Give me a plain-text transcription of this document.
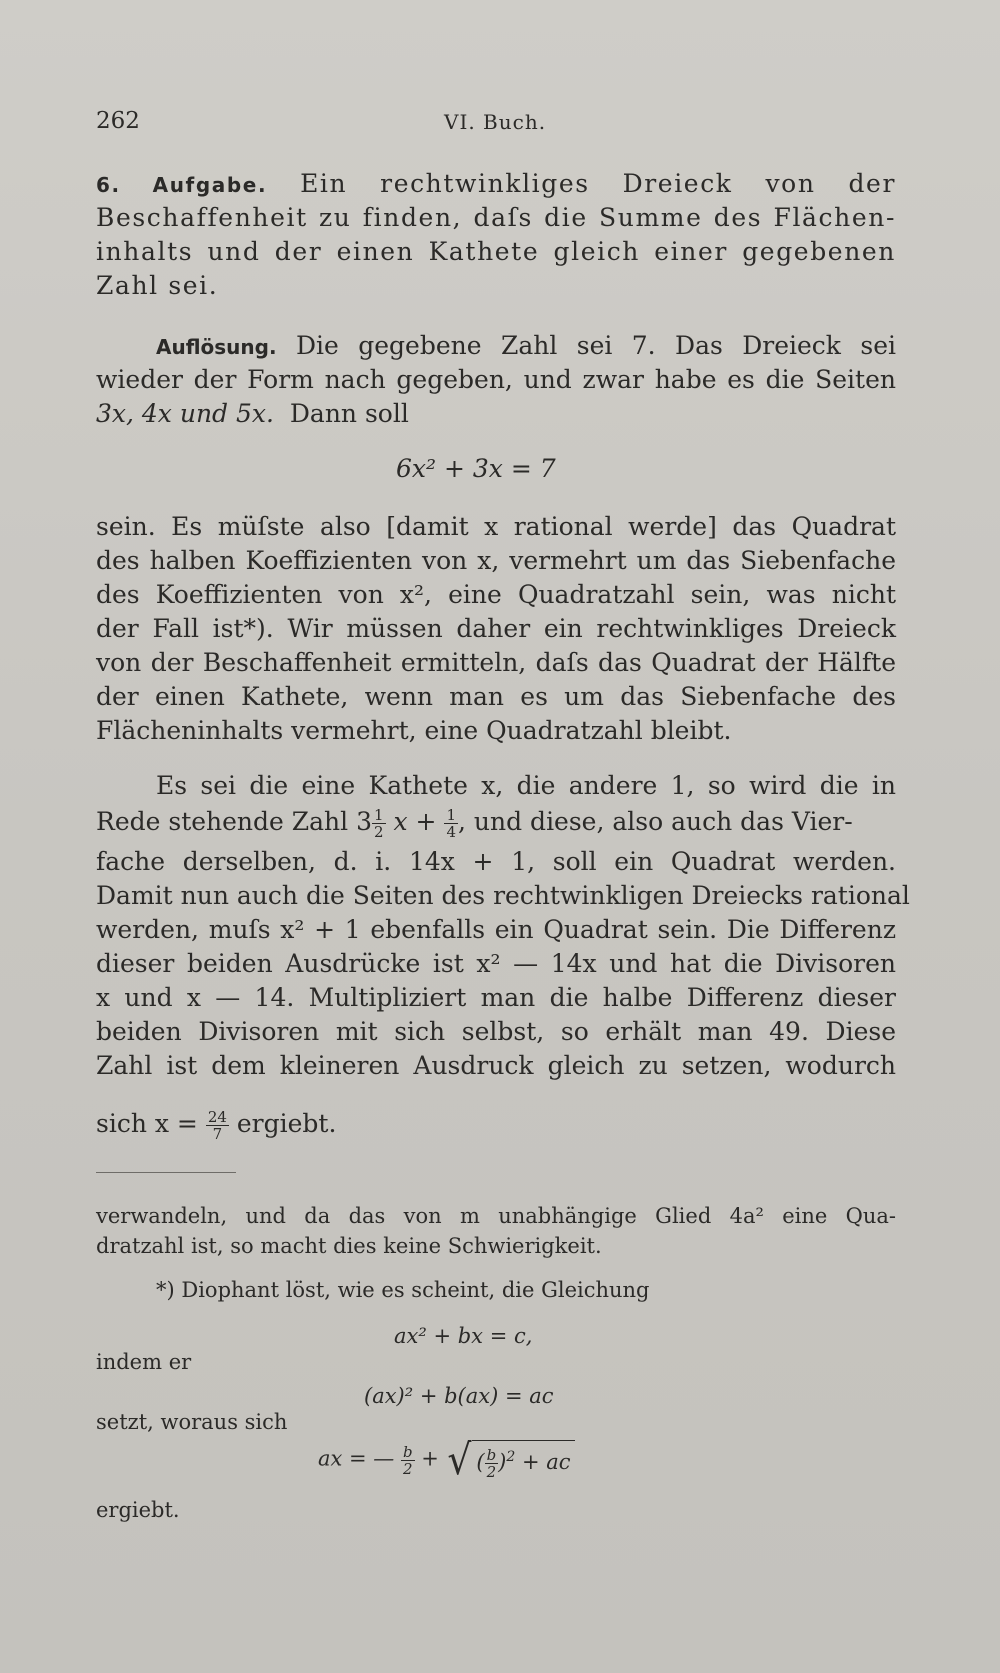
262	VI. Buch.
6. Aufgabe. Ein rechtwinkliges Dreieck von der
Beschaffenheit zu finden, daſs die Summe des Flächen-
inhalts und der einen Kathete gleich einer gegebenen
Zahl sei.
Auflösung. Die gegebene Zahl sei 7. Das Dreieck sei
wieder der Form nach gegeben, und zwar habe es die Seiten
3x, 4x und 5x. Dann soll
6x² + 3x = 7
sein. Es müſste also [damit x rational werde] das Quadrat
des halben Koeffizienten von x, vermehrt um das Siebenfache
des Koeffizienten von x², eine Quadratzahl sein, was nicht
der Fall ist*). Wir müssen daher ein rechtwinkliges Dreieck
von der Beschaffenheit ermitteln, daſs das Quadrat der Hälfte
der einen Kathete, wenn man es um das Siebenfache des
Flächeninhalts vermehrt, eine Quadratzahl bleibt.
Es sei die eine Kathete x, die andere 1, so wird die in
Rede stehende Zahl $3 \frac{1}{2}$ $x + \frac{1}{4}$ , und diese, also auch das Vier-
fache derselben, d. i. 14x + 1, soll ein Quadrat werden.
Damit nun auch die Seiten des rechtwinkligen Dreiecks rational
werden, muſs x² + 1 ebenfalls ein Quadrat sein. Die Differenz
dieser beiden Ausdrücke ist x² — 14x und hat die Divisoren
x und x — 14. Multipliziert man die halbe Differenz dieser
beiden Divisoren mit sich selbst, so erhält man 49. Diese
Zahl ist dem kleineren Ausdruck gleich zu setzen, wodurch
sich $x = \frac{24}{7}$ ergiebt.
verwandeln, und da das von m unabhängige Glied 4a² eine Qua-
dratzahl ist, so macht dies keine Schwierigkeit.
*) Diophant löst, wie es scheint, die Gleichung
ax² + bx = c,
indem er
(ax)² + b(ax) = ac
setzt, woraus sich
ax = — $\frac{b}{2}$ + √ ( $\frac{b}{2} )^2$ + ac
ergiebt.
